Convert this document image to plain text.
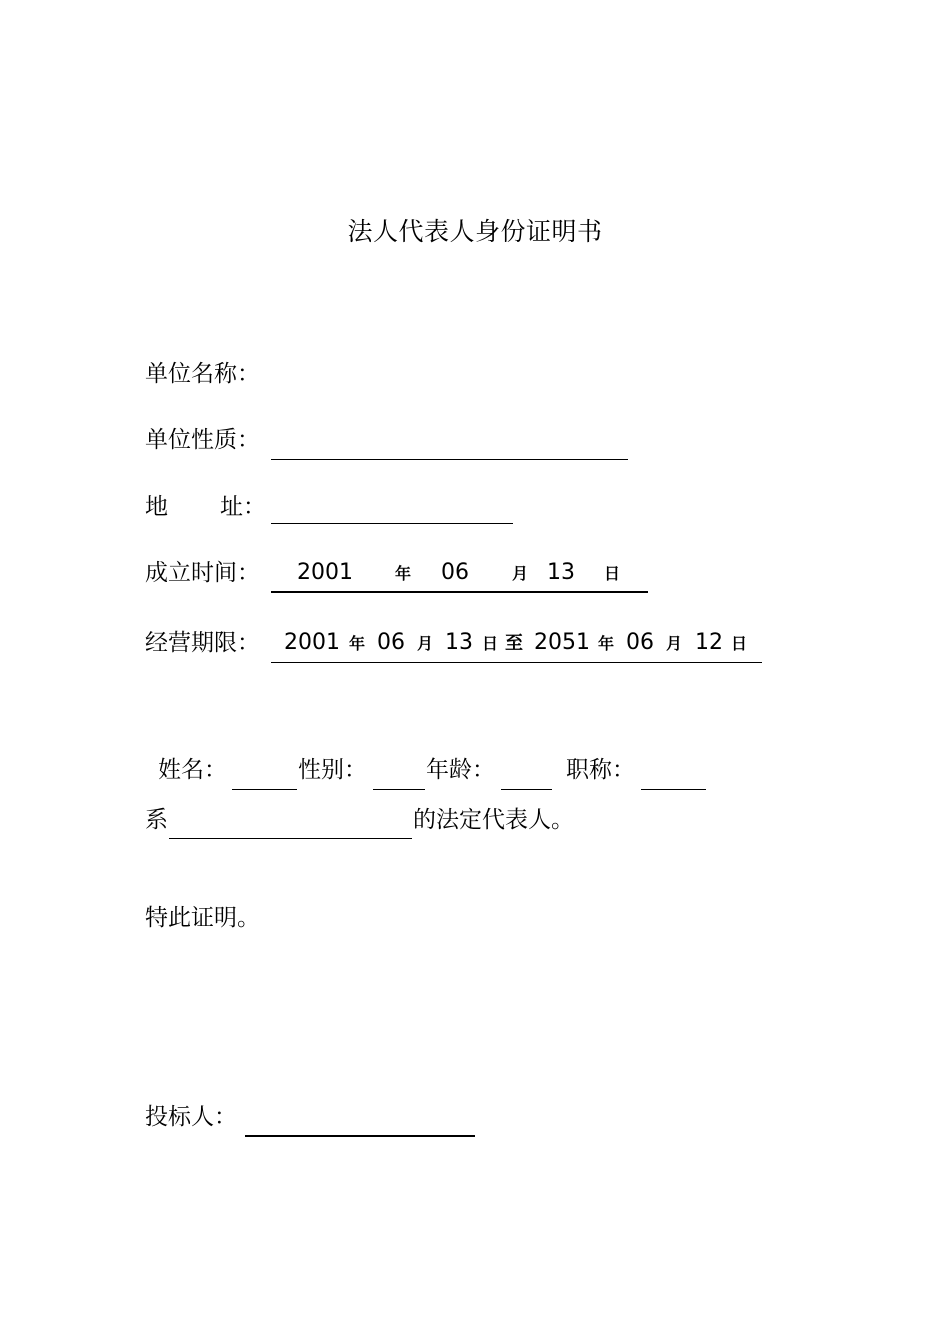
法人代表人身份证明书
单位名称：
单位性质：
地 址：
成立时间： 2001	年 06	月 13 日
经营期限： 2001 年 06 月 13 日 至 2051 年 06 月 12 日
姓名：	性别：	年龄：	职称：
系	的法定代表人。
特此证明。
投标人：
